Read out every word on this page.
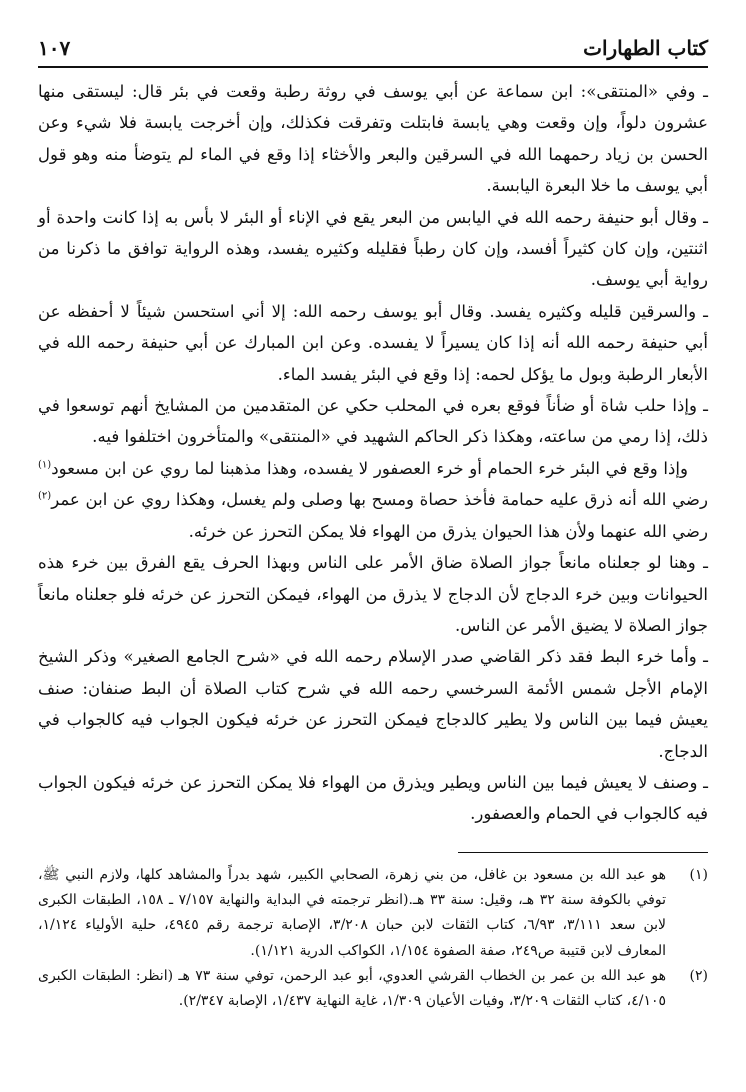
كتاب الطهارات
١٠٧

ـ وفي «المنتقى»: ابن سماعة عن أبي يوسف في روثة رطبة وقعت في بئر قال: ليستقى منها عشرون دلواً، وإن وقعت وهي يابسة فابتلت وتفرقت فكذلك، وإن أخرجت يابسة فلا شيء وعن الحسن بن زياد رحمهما الله في السرقين والبعر والأخثاء إذا وقع في الماء لم يتوضأ منه وهو قول أبي يوسف ما خلا البعرة اليابسة.

ـ وقال أبو حنيفة رحمه الله في اليابس من البعر يقع في الإناء أو البئر لا بأس به إذا كانت واحدة أو اثنتين، وإن كان كثيراً أفسد، وإن كان رطباً فقليله وكثيره يفسد، وهذه الرواية توافق ما ذكرنا من رواية أبي يوسف.

ـ والسرقين قليله وكثيره يفسد. وقال أبو يوسف رحمه الله: إلا أني استحسن شيئاً لا أحفظه عن أبي حنيفة رحمه الله أنه إذا كان يسيراً لا يفسده. وعن ابن المبارك عن أبي حنيفة رحمه الله في الأبعار الرطبة وبول ما يؤكل لحمه: إذا وقع في البئر يفسد الماء.

ـ وإذا حلب شاة أو ضأناً فوقع بعره في المحلب حكي عن المتقدمين من المشايخ أنهم توسعوا في ذلك، إذا رمي من ساعته، وهكذا ذكر الحاكم الشهيد في «المنتقى» والمتأخرون اختلفوا فيه.

وإذا وقع في البئر خرء الحمام أو خرء العصفور لا يفسده، وهذا مذهبنا لما روي عن ابن مسعود$^{(١)}$ رضي الله أنه ذرق عليه حمامة فأخذ حصاة ومسح بها وصلى ولم يغسل، وهكذا روي عن ابن عمر$^{(٢)}$ رضي الله عنهما ولأن هذا الحيوان يذرق من الهواء فلا يمكن التحرز عن خرئه.

ـ وهنا لو جعلناه مانعاً جواز الصلاة ضاق الأمر على الناس وبهذا الحرف يقع الفرق بين خرء هذه الحيوانات وبين خرء الدجاج لأن الدجاج لا يذرق من الهواء، فيمكن التحرز عن خرئه فلو جعلناه مانعاً جواز الصلاة لا يضيق الأمر عن الناس.

ـ وأما خرء البط فقد ذكر القاضي صدر الإسلام رحمه الله في «شرح الجامع الصغير» وذكر الشيخ الإمام الأجل شمس الأئمة السرخسي رحمه الله في شرح كتاب الصلاة أن البط صنفان: صنف يعيش فيما بين الناس ولا يطير كالدجاج فيمكن التحرز عن خرئه فيكون الجواب فيه كالجواب في الدجاج.

ـ وصنف لا يعيش فيما بين الناس ويطير ويذرق من الهواء فلا يمكن التحرز عن خرئه فيكون الجواب فيه كالجواب في الحمام والعصفور.

(١)
هو عبد الله بن مسعود بن غافل، من بني زهرة، الصحابي الكبير، شهد بدراً والمشاهد كلها، ولازم النبي ﷺ، توفي بالكوفة سنة ٣٢ هـ، وقيل: سنة ٣٣ هـ.(انظر ترجمته في البداية والنهاية ٧/١٥٧ ـ ١٥٨، الطبقات الكبرى لابن سعد ٣/١١١، ٦/٩٣، كتاب الثقات لابن حبان ٣/٢٠٨، الإصابة ترجمة رقم ٤٩٤٥، حلية الأولياء ١/١٢٤، المعارف لابن قتيبة ص٢٤٩، صفة الصفوة ١/١٥٤، الكواكب الدرية ١/١٢١).
(٢)
هو عبد الله بن عمر بن الخطاب القرشي العدوي، أبو عبد الرحمن، توفي سنة ٧٣ هـ (انظر: الطبقات الكبرى ٤/١٠٥، كتاب الثقات ٣/٢٠٩، وفيات الأعيان ١/٣٠٩، غاية النهاية ١/٤٣٧، الإصابة ٢/٣٤٧).
